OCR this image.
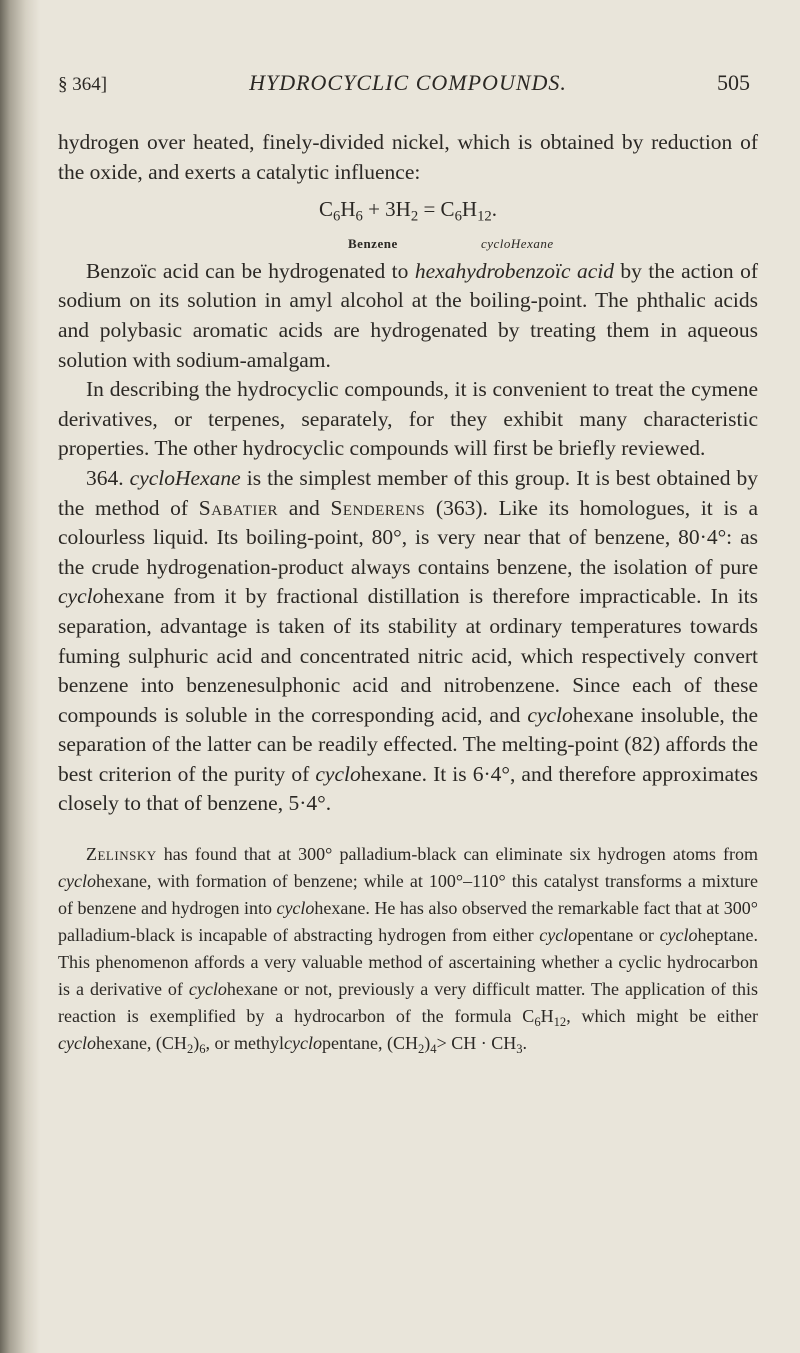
§ 364]	HYDROCYCLIC COMPOUNDS.	505

hydrogen over heated, finely-divided nickel, which is obtained by reduction of the oxide, and exerts a catalytic influence:

$C_6H_6 + 3H_2 = C_6H_{12}$.
Benzene	cycloHexane

Benzoïc acid can be hydrogenated to hexahydrobenzoïc acid by the action of sodium on its solution in amyl alcohol at the boiling-point. The phthalic acids and polybasic aromatic acids are hydrogenated by treating them in aqueous solution with sodium-amalgam.

In describing the hydrocyclic compounds, it is convenient to treat the cymene derivatives, or terpenes, separately, for they exhibit many characteristic properties. The other hydrocyclic compounds will first be briefly reviewed.

364. cycloHexane is the simplest member of this group. It is best obtained by the method of Sabatier and Senderens (363). Like its homologues, it is a colourless liquid. Its boiling-point, 80°, is very near that of benzene, 80·4°: as the crude hydrogenation-product always contains benzene, the isolation of pure cyclohexane from it by fractional distillation is therefore impracticable. In its separation, advantage is taken of its stability at ordinary temperatures towards fuming sulphuric acid and concentrated nitric acid, which respectively convert benzene into benzenesulphonic acid and nitrobenzene. Since each of these compounds is soluble in the corresponding acid, and cyclohexane insoluble, the separation of the latter can be readily effected. The melting-point (82) affords the best criterion of the purity of cyclohexane. It is 6·4°, and therefore approximates closely to that of benzene, 5·4°.

Zelinsky has found that at 300° palladium-black can eliminate six hydrogen atoms from cyclohexane, with formation of benzene; while at 100°–110° this catalyst transforms a mixture of benzene and hydrogen into cyclohexane. He has also observed the remarkable fact that at 300° palladium-black is incapable of abstracting hydrogen from either cyclopentane or cycloheptane. This phenomenon affords a very valuable method of ascertaining whether a cyclic hydrocarbon is a derivative of cyclohexane or not, previously a very difficult matter. The application of this reaction is exemplified by a hydrocarbon of the formula $C_6H_{12}$, which might be either cyclohexane, $(CH_2)_6$, or methylcyclopentane, $(CH_2)_4>$ CH · $CH_3$.
